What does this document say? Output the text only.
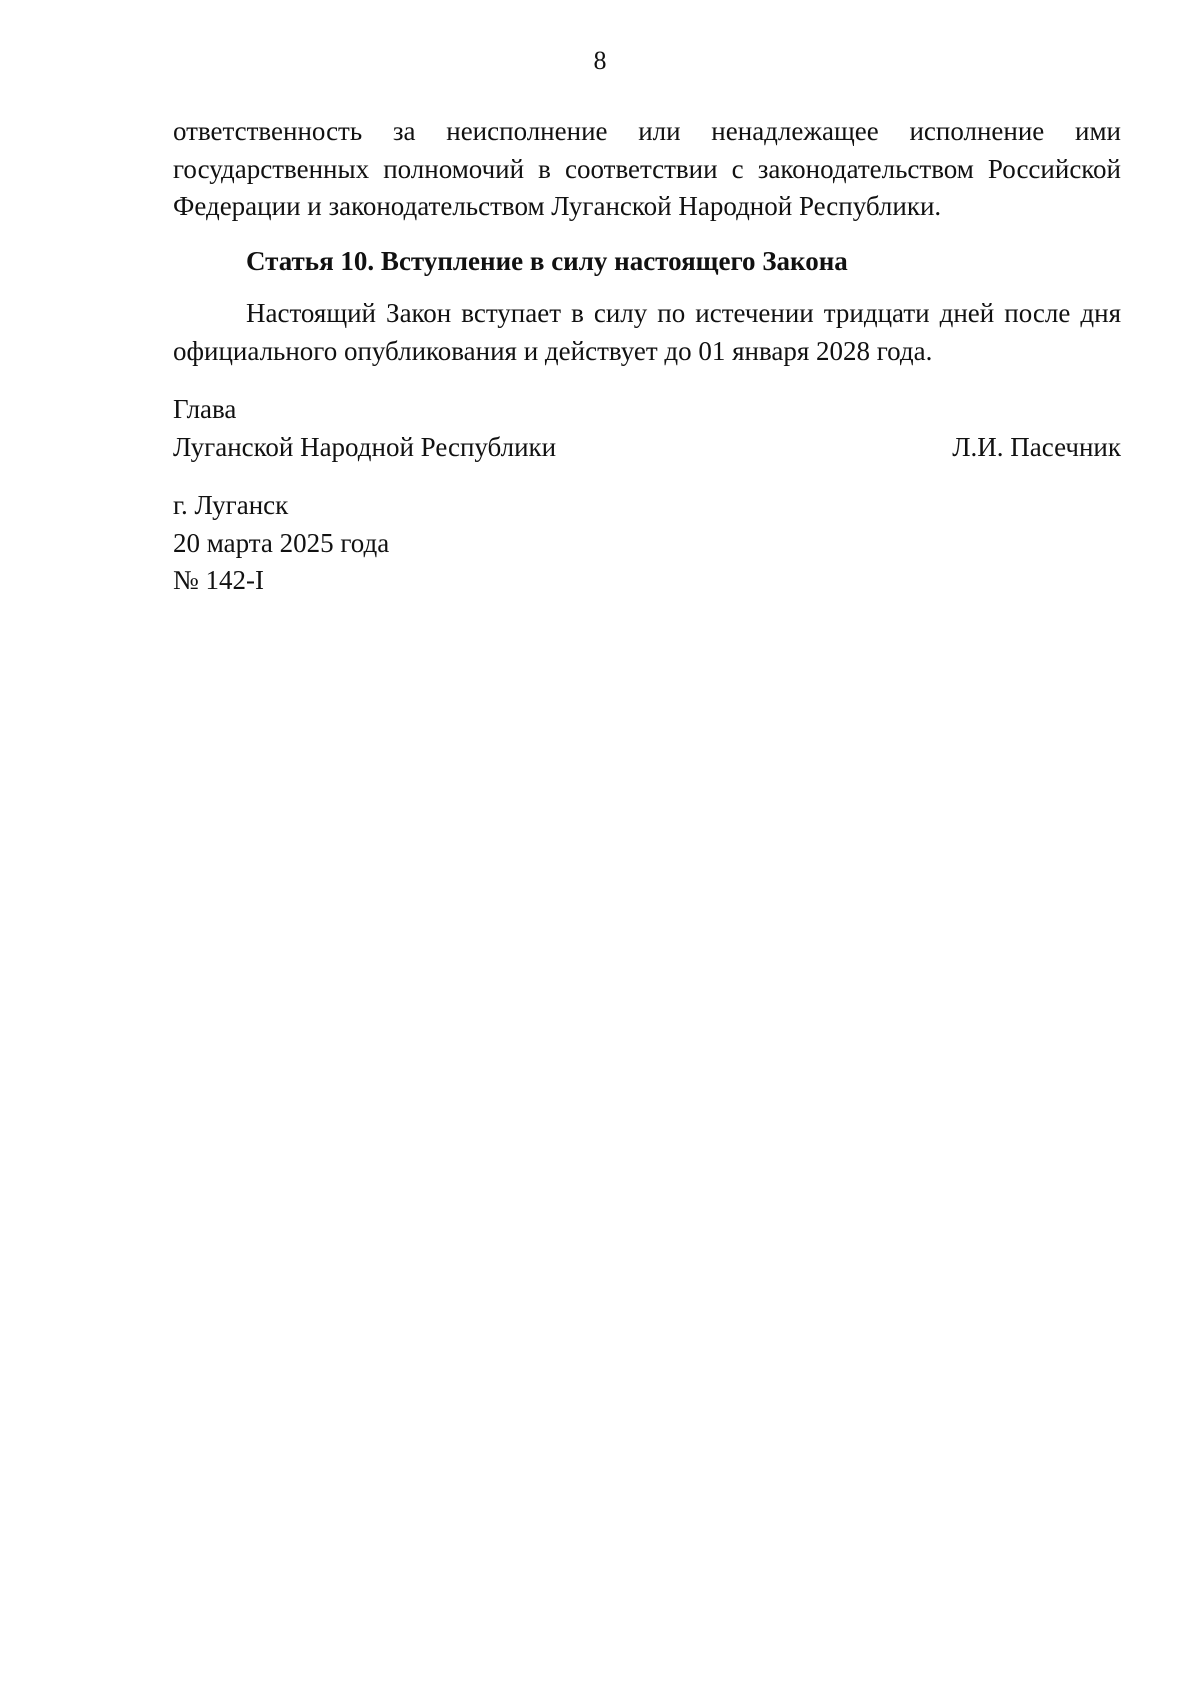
8

ответственность за неисполнение или ненадлежащее исполнение ими государственных полномочий в соответствии с законодательством Российской Федерации и законодательством Луганской Народной Республики.

Статья 10. Вступление в силу настоящего Закона

Настоящий Закон вступает в силу по истечении тридцати дней после дня официального опубликования и действует до 01 января 2028 года.

Глава
Луганской Народной Республики	Л.И. Пасечник
г. Луганск
20 марта 2025 года
№ 142-I
